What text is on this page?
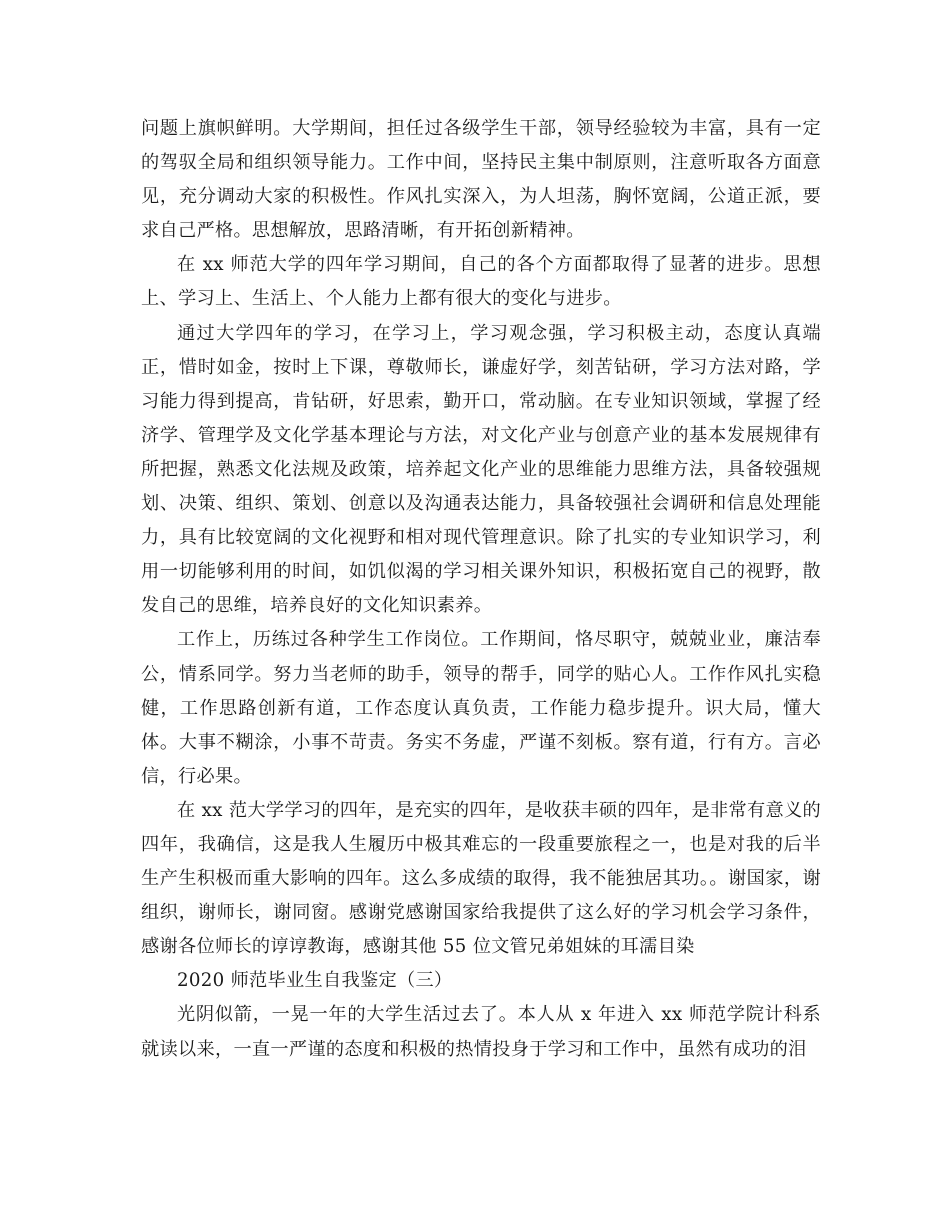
问题上旗帜鲜明。大学期间，担任过各级学生干部，领导经验较为丰富，具有一定的驾驭全局和组织领导能力。工作中间，坚持民主集中制原则，注意听取各方面意见，充分调动大家的积极性。作风扎实深入，为人坦荡，胸怀宽阔，公道正派，要求自己严格。思想解放，思路清晰，有开拓创新精神。

在 xx 师范大学的四年学习期间，自己的各个方面都取得了显著的进步。思想上、学习上、生活上、个人能力上都有很大的变化与进步。

通过大学四年的学习，在学习上，学习观念强，学习积极主动，态度认真端正，惜时如金，按时上下课，尊敬师长，谦虚好学，刻苦钻研，学习方法对路，学习能力得到提高，肯钻研，好思索，勤开口，常动脑。在专业知识领域，掌握了经济学、管理学及文化学基本理论与方法，对文化产业与创意产业的基本发展规律有所把握，熟悉文化法规及政策，培养起文化产业的思维能力思维方法，具备较强规划、决策、组织、策划、创意以及沟通表达能力，具备较强社会调研和信息处理能力，具有比较宽阔的文化视野和相对现代管理意识。除了扎实的专业知识学习，利用一切能够利用的时间，如饥似渴的学习相关课外知识，积极拓宽自己的视野，散发自己的思维，培养良好的文化知识素养。

工作上，历练过各种学生工作岗位。工作期间，恪尽职守，兢兢业业，廉洁奉公，情系同学。努力当老师的助手，领导的帮手，同学的贴心人。工作作风扎实稳健，工作思路创新有道，工作态度认真负责，工作能力稳步提升。识大局，懂大体。大事不糊涂，小事不苛责。务实不务虚，严谨不刻板。察有道，行有方。言必信，行必果。

在 xx 范大学学习的四年，是充实的四年，是收获丰硕的四年，是非常有意义的四年，我确信，这是我人生履历中极其难忘的一段重要旅程之一，也是对我的后半生产生积极而重大影响的四年。这么多成绩的取得，我不能独居其功。。谢国家，谢组织，谢师长，谢同窗。感谢党感谢国家给我提供了这么好的学习机会学习条件，感谢各位师长的谆谆教诲，感谢其他 55 位文管兄弟姐妹的耳濡目染

2020 师范毕业生自我鉴定（三）

光阴似箭，一晃一年的大学生活过去了。本人从 x 年进入 xx 师范学院计科系就读以来，一直一严谨的态度和积极的热情投身于学习和工作中，虽然有成功的泪
